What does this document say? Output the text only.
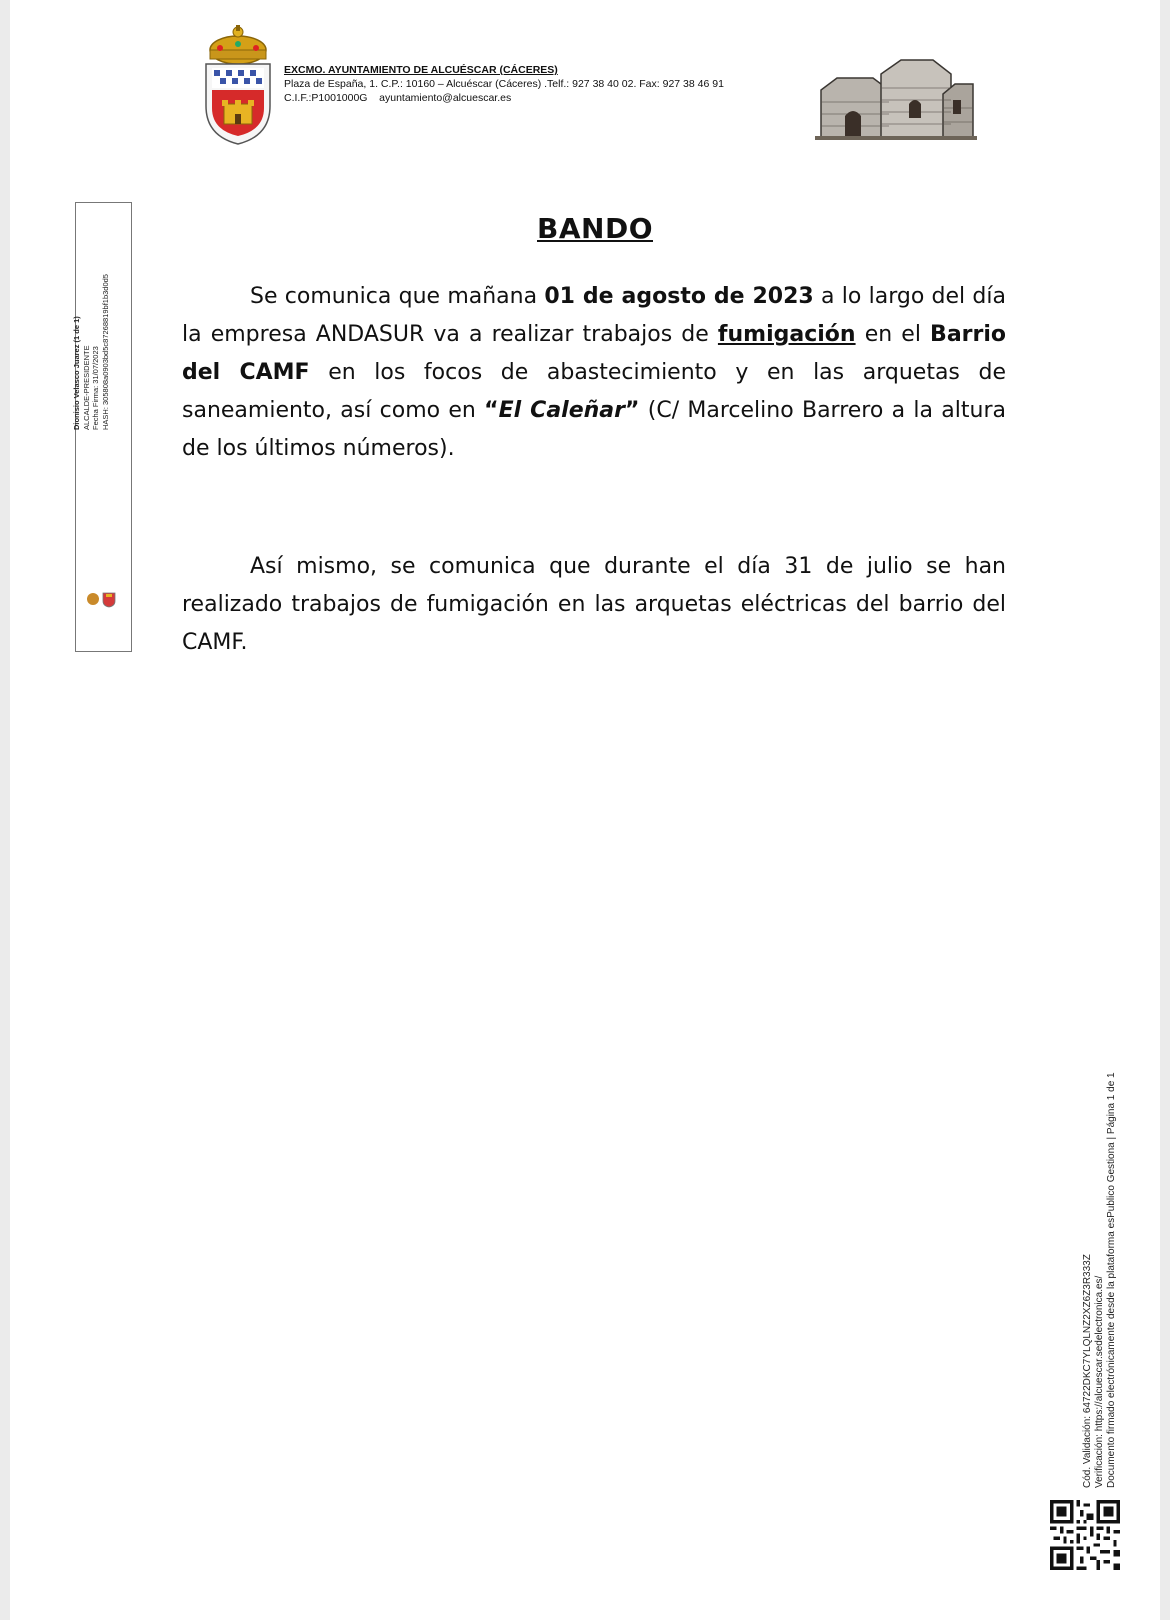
EXCMO. AYUNTAMIENTO DE ALCUÉSCAR (CÁCERES)
Plaza de España, 1. C.P.: 10160 – Alcuéscar (Cáceres) .Telf.: 927 38 40 02. Fax: 927 38 46 91
C.I.F.:P1001000G ayuntamiento@alcuescar.es
Dionisio Velasco Juarez (1 de 1) ALCALDE-PRESIDENTE Fecha Firma: 31/07/2023 HASH: 305808a0903bd5c87268819bf1b3d0d5
BANDO
Se comunica que mañana 01 de agosto de 2023 a lo largo del día la empresa ANDASUR va a realizar trabajos de fumigación en el Barrio del CAMF en los focos de abastecimiento y en las arquetas de saneamiento, así como en “El Caleñar” (C/ Marcelino Barrero a la altura de los últimos números).
Así mismo, se comunica que durante el día 31 de julio se han realizado trabajos de fumigación en las arquetas eléctricas del barrio del CAMF.
Cód. Validación: 64722DKC7YLQLNZ2XZ6Z3R333Z Verificación: https://alcuescar.sedelectronica.es/ Documento firmado electrónicamente desde la plataforma esPublico Gestiona | Página 1 de 1
